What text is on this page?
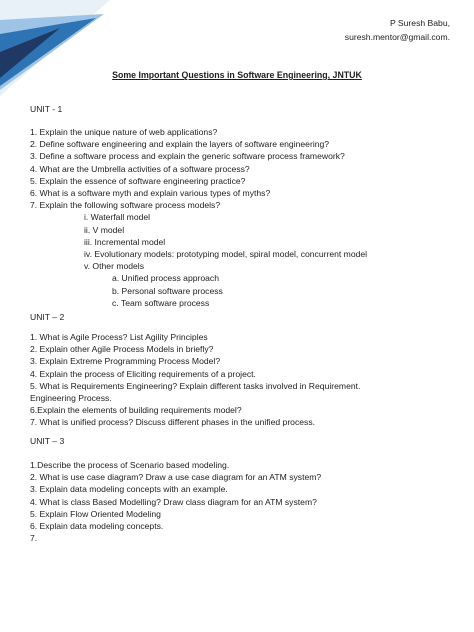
P Suresh Babu,
suresh.mentor@gmail.com.
Some Important Questions in Software Engineering, JNTUK
UNIT - 1
1. Explain the unique nature of web applications?
2. Define software engineering and explain the layers of software engineering?
3. Define a software process and explain the generic software process framework?
4. What are the Umbrella activities of a software process?
5. Explain the essence of software engineering practice?
6. What is a software myth and explain various types of myths?
7. Explain the following software process models?
i. Waterfall model
ii. V model
iii. Incremental model
iv. Evolutionary models: prototyping model, spiral model, concurrent model
v. Other models
a. Unified process approach
b. Personal software process
c. Team software process
UNIT – 2
1. What is Agile Process? List Agility Principles
2. Explain other Agile Process Models in briefly?
3. Explain Extreme Programming Process Model?
4. Explain the process of Eliciting requirements of a project.
5. What is Requirements Engineering? Explain different tasks involved in Requirement.
Engineering Process.
6.Explain the elements of building requirements model?
7. What is unified process? Discuss different phases in the unified process.
UNIT – 3
1.Describe the process of Scenario based modeling.
2. What is use case diagram? Draw a use case diagram for an ATM system?
3. Explain data modeling concepts with an example.
4. What is class Based Modelling? Draw class diagram for an ATM system?
5. Explain Flow Oriented Modeling
6. Explain data modeling concepts.
7.
